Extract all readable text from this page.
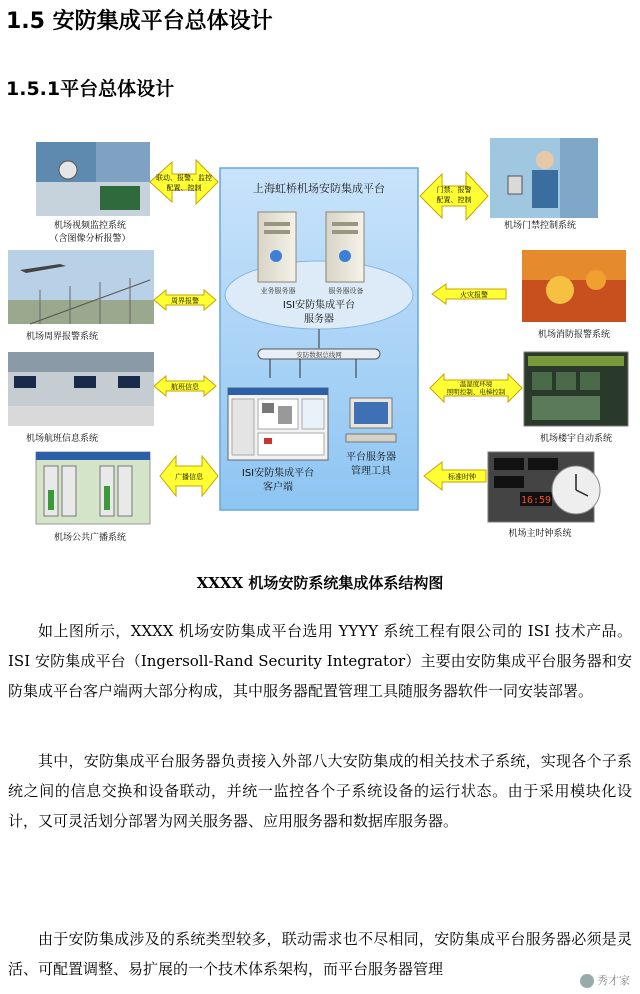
1.5 安防集成平台总体设计
1.5.1平台总体设计
上海虹桥机场安防集成平台
业务服务器	服务器设备
ISI安防集成平台
服务器
安防数据总线网
ISI安防集成平台
客户端
平台服务器
管理工具
机场视频监控系统
（含图像分析报警）
机场周界报警系统
机场航班信息系统
机场公共广播系统
联动、报警、监控
配置、控制
周界报警
航班信息
广播信息
机场门禁控制系统
机场消防报警系统
机场楼宇自动系统
16:59
机场主时钟系统
门禁、报警
配置、控制
火灾报警
温湿度环境
照明控制、电梯控制
标准时钟
XXXX 机场安防系统集成体系结构图
如上图所示，XXXX 机场安防集成平台选用 YYYY 系统工程有限公司的 ISI 技术产品。ISI 安防集成平台（Ingersoll-Rand Security Integrator）主要由安防集成平台服务器和安防集成平台客户端两大部分构成，其中服务器配置管理工具随服务器软件一同安装部署。
其中，安防集成平台服务器负责接入外部八大安防集成的相关技术子系统，实现各个子系统之间的信息交换和设备联动，并统一监控各个子系统设备的运行状态。由于采用模块化设计，又可灵活划分部署为网关服务器、应用服务器和数据库服务器。
由于安防集成涉及的系统类型较多，联动需求也不尽相同，安防集成平台服务器必须是灵活、可配置调整、易扩展的一个技术体系架构，而平台服务器管理
秀才家
